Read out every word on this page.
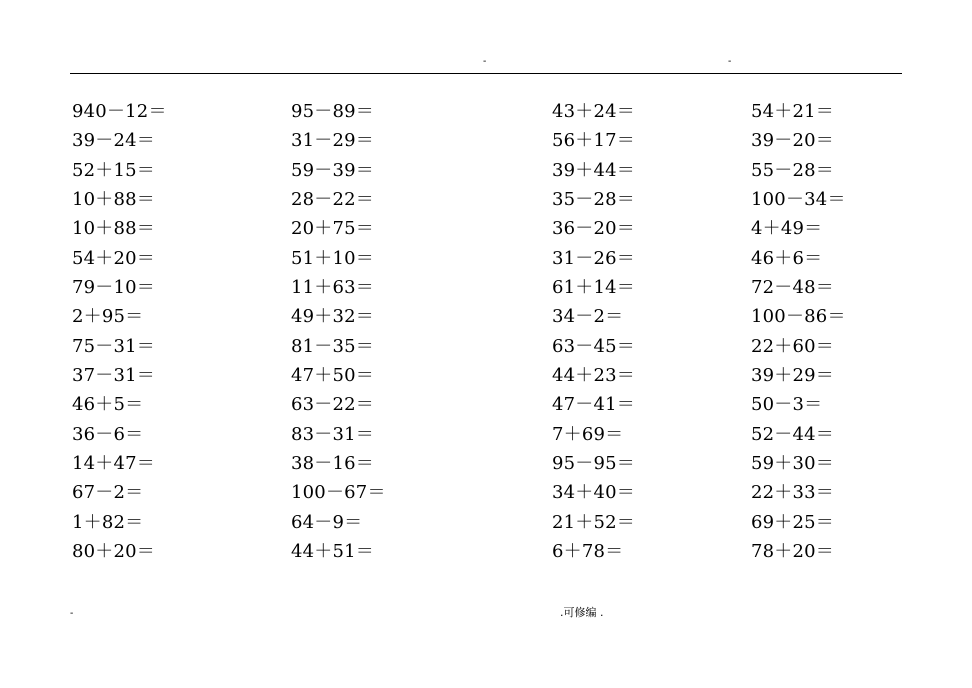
-	-
940－12＝
39－24＝
52＋15＝
10＋88＝
10＋88＝
54＋20＝
79－10＝
2＋95＝
75－31＝
37－31＝
46＋5＝
36－6＝
14＋47＝
67－2＝
1＋82＝
80＋20＝
95－89＝
31－29＝
59－39＝
28－22＝
20＋75＝
51＋10＝
11＋63＝
49＋32＝
81－35＝
47＋50＝
63－22＝
83－31＝
38－16＝
100－67＝
64－9＝
44＋51＝
43＋24＝
56＋17＝
39＋44＝
35－28＝
36－20＝
31－26＝
61＋14＝
34－2＝
63－45＝
44＋23＝
47－41＝
7＋69＝
95－95＝
34＋40＝
21＋52＝
6＋78＝
54＋21＝
39－20＝
55－28＝
100－34＝
4＋49＝
46＋6＝
72－48＝
100－86＝
22＋60＝
39＋29＝
50－3＝
52－44＝
59＋30＝
22＋33＝
69＋25＝
78＋20＝
-	.可修编 .
